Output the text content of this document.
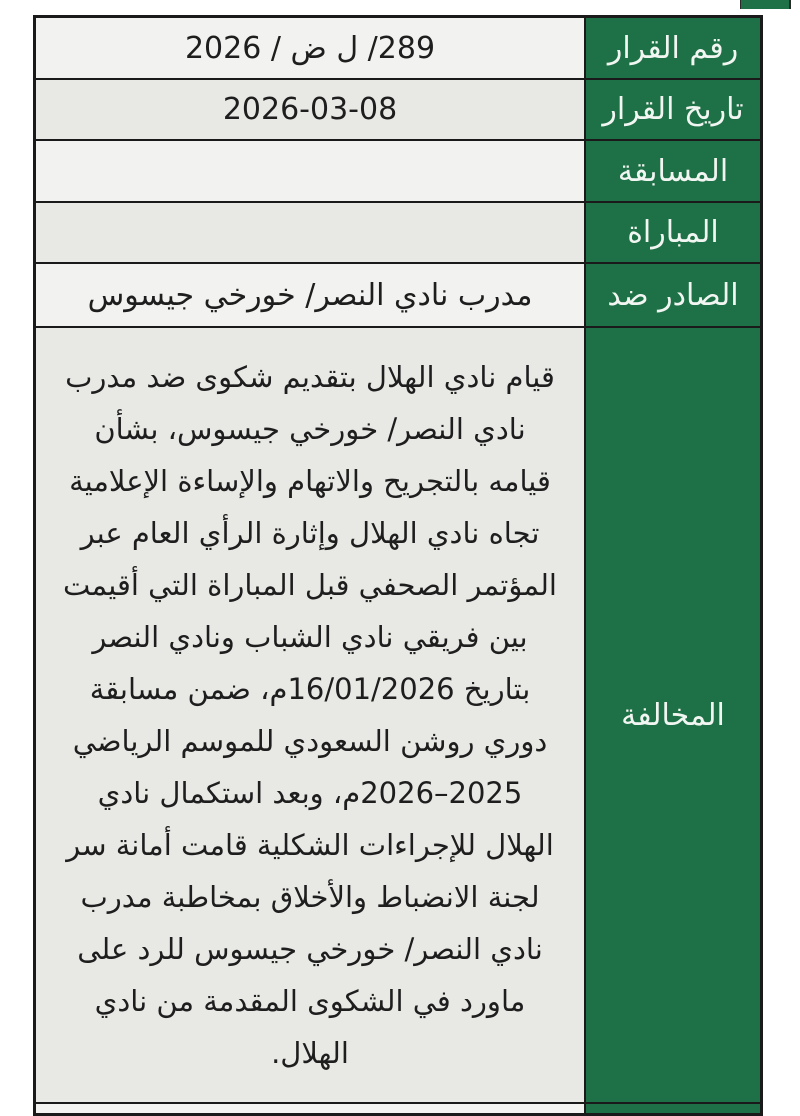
رقم القرار
289/ ل ض / 2026
تاريخ القرار
2026-03-08
المسابقة
المباراة
الصادر ضد
مدرب نادي النصر/ خورخي جيسوس
المخالفة
قيام نادي الهلال بتقديم شكوى ضد مدرب نادي النصر/ خورخي جيسوس، بشأن قيامه بالتجريح والاتهام والإساءة الإعلامية تجاه نادي الهلال وإثارة الرأي العام عبر المؤتمر الصحفي قبل المباراة التي أقيمت بين فريقي نادي الشباب ونادي النصر بتاريخ 16/01/2026م، ضمن مسابقة دوري روشن السعودي للموسم الرياضي 2025–2026م، وبعد استكمال نادي الهلال للإجراءات الشكلية قامت أمانة سر لجنة الانضباط والأخلاق بمخاطبة مدرب نادي النصر/ خورخي جيسوس للرد على ماورد في الشكوى المقدمة من نادي الهلال.
